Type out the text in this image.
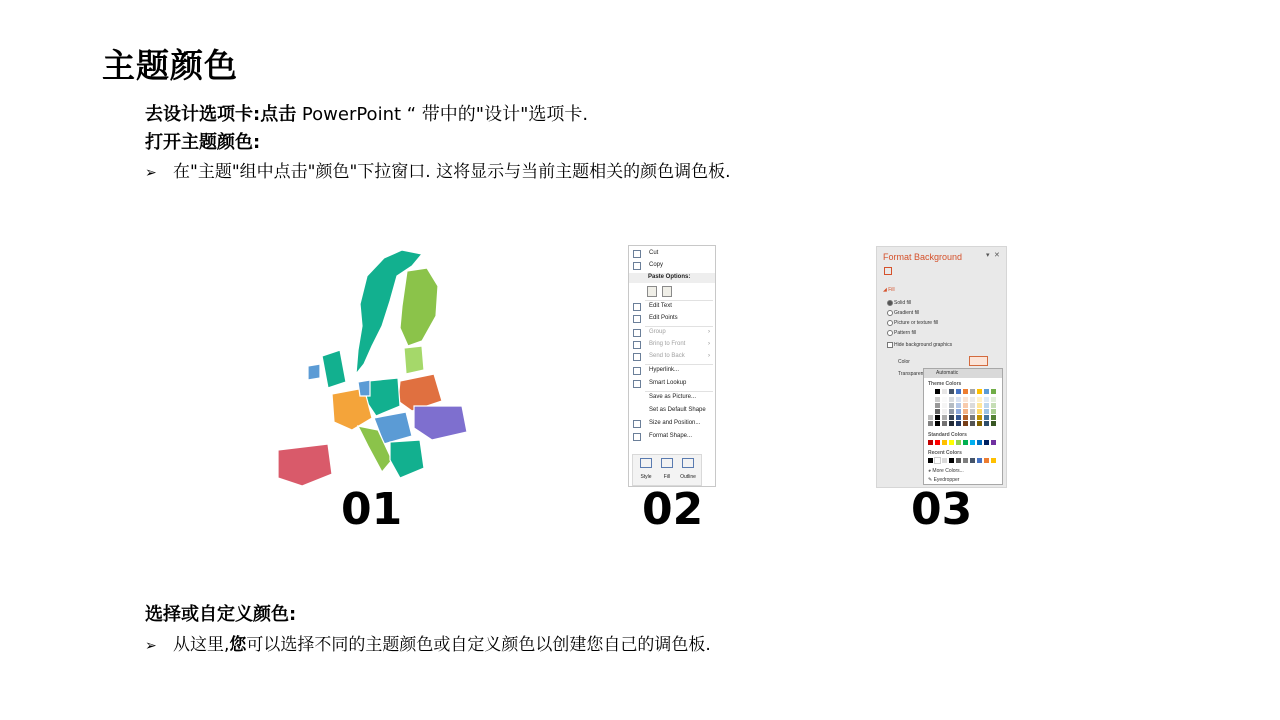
主题颜色
去设计选项卡:点击 PowerPoint “ 带中的"设计"选项卡.
打开主题颜色:
➢ 在"主题"组中点击"颜色"下拉窗口. 这将显示与当前主题相关的颜色调色板.
Cut
Copy
Paste Options:
Edit Text
Edit Points
Group	›
Bring to Front	›
Send to Back	›
Hyperlink...
Smart Lookup
Save as Picture...
Set as Default Shape
Size and Position...
Format Shape...
Style	Fill	Outline
Format Background	▾ ✕
◢ Fill
Solid fill
Gradient fill
Picture or texture fill
Pattern fill
Hide background graphics
Color
Transparen	Automatic
Theme Colors
Standard Colors
Recent Colors
◕ More Colors...
✎ Eyedropper
01	02	03
选择或自定义颜色:
➢ 从这里,您可以选择不同的主题颜色或自定义颜色以创建您自己的调色板.
